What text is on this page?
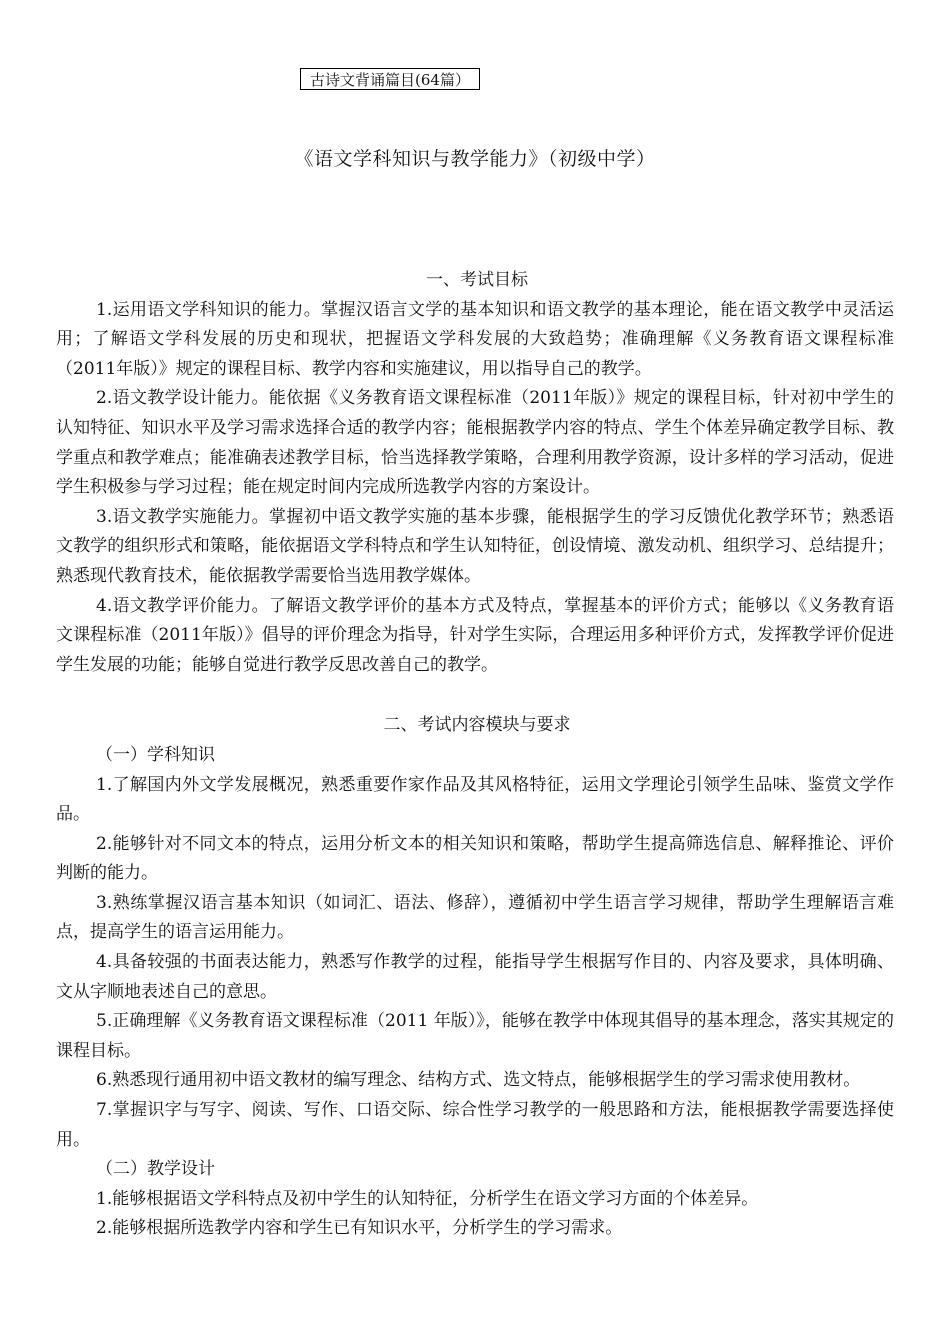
古诗文背诵篇目(64篇）
《语文学科知识与教学能力》（初级中学）

一、考试目标

1.运用语文学科知识的能力。掌握汉语言文学的基本知识和语文教学的基本理论，能在语文教学中灵活运用；了解语文学科发展的历史和现状，把握语文学科发展的大致趋势；准确理解《义务教育语文课程标准（2011年版）》规定的课程目标、教学内容和实施建议，用以指导自己的教学。

2.语文教学设计能力。能依据《义务教育语文课程标准（2011年版）》规定的课程目标，针对初中学生的认知特征、知识水平及学习需求选择合适的教学内容；能根据教学内容的特点、学生个体差异确定教学目标、教学重点和教学难点；能准确表述教学目标，恰当选择教学策略，合理利用教学资源，设计多样的学习活动，促进学生积极参与学习过程；能在规定时间内完成所选教学内容的方案设计。

3.语文教学实施能力。掌握初中语文教学实施的基本步骤，能根据学生的学习反馈优化教学环节；熟悉语文教学的组织形式和策略，能依据语文学科特点和学生认知特征，创设情境、激发动机、组织学习、总结提升；熟悉现代教育技术，能依据教学需要恰当选用教学媒体。

4.语文教学评价能力。了解语文教学评价的基本方式及特点，掌握基本的评价方式；能够以《义务教育语文课程标准（2011年版）》倡导的评价理念为指导，针对学生实际，合理运用多种评价方式，发挥教学评价促进学生发展的功能；能够自觉进行教学反思改善自己的教学。

二、考试内容模块与要求

（一）学科知识

1.了解国内外文学发展概况，熟悉重要作家作品及其风格特征，运用文学理论引领学生品味、鉴赏文学作品。

2.能够针对不同文本的特点，运用分析文本的相关知识和策略，帮助学生提高筛选信息、解释推论、评价判断的能力。

3.熟练掌握汉语言基本知识（如词汇、语法、修辞），遵循初中学生语言学习规律，帮助学生理解语言难点，提高学生的语言运用能力。

4.具备较强的书面表达能力，熟悉写作教学的过程，能指导学生根据写作目的、内容及要求，具体明确、文从字顺地表述自己的意思。

5.正确理解《义务教育语文课程标准（2011 年版）》，能够在教学中体现其倡导的基本理念，落实其规定的课程目标。

6.熟悉现行通用初中语文教材的编写理念、结构方式、选文特点，能够根据学生的学习需求使用教材。

7.掌握识字与写字、阅读、写作、口语交际、综合性学习教学的一般思路和方法，能根据教学需要选择使用。

（二）教学设计

1.能够根据语文学科特点及初中学生的认知特征，分析学生在语文学习方面的个体差异。

2.能够根据所选教学内容和学生已有知识水平，分析学生的学习需求。
